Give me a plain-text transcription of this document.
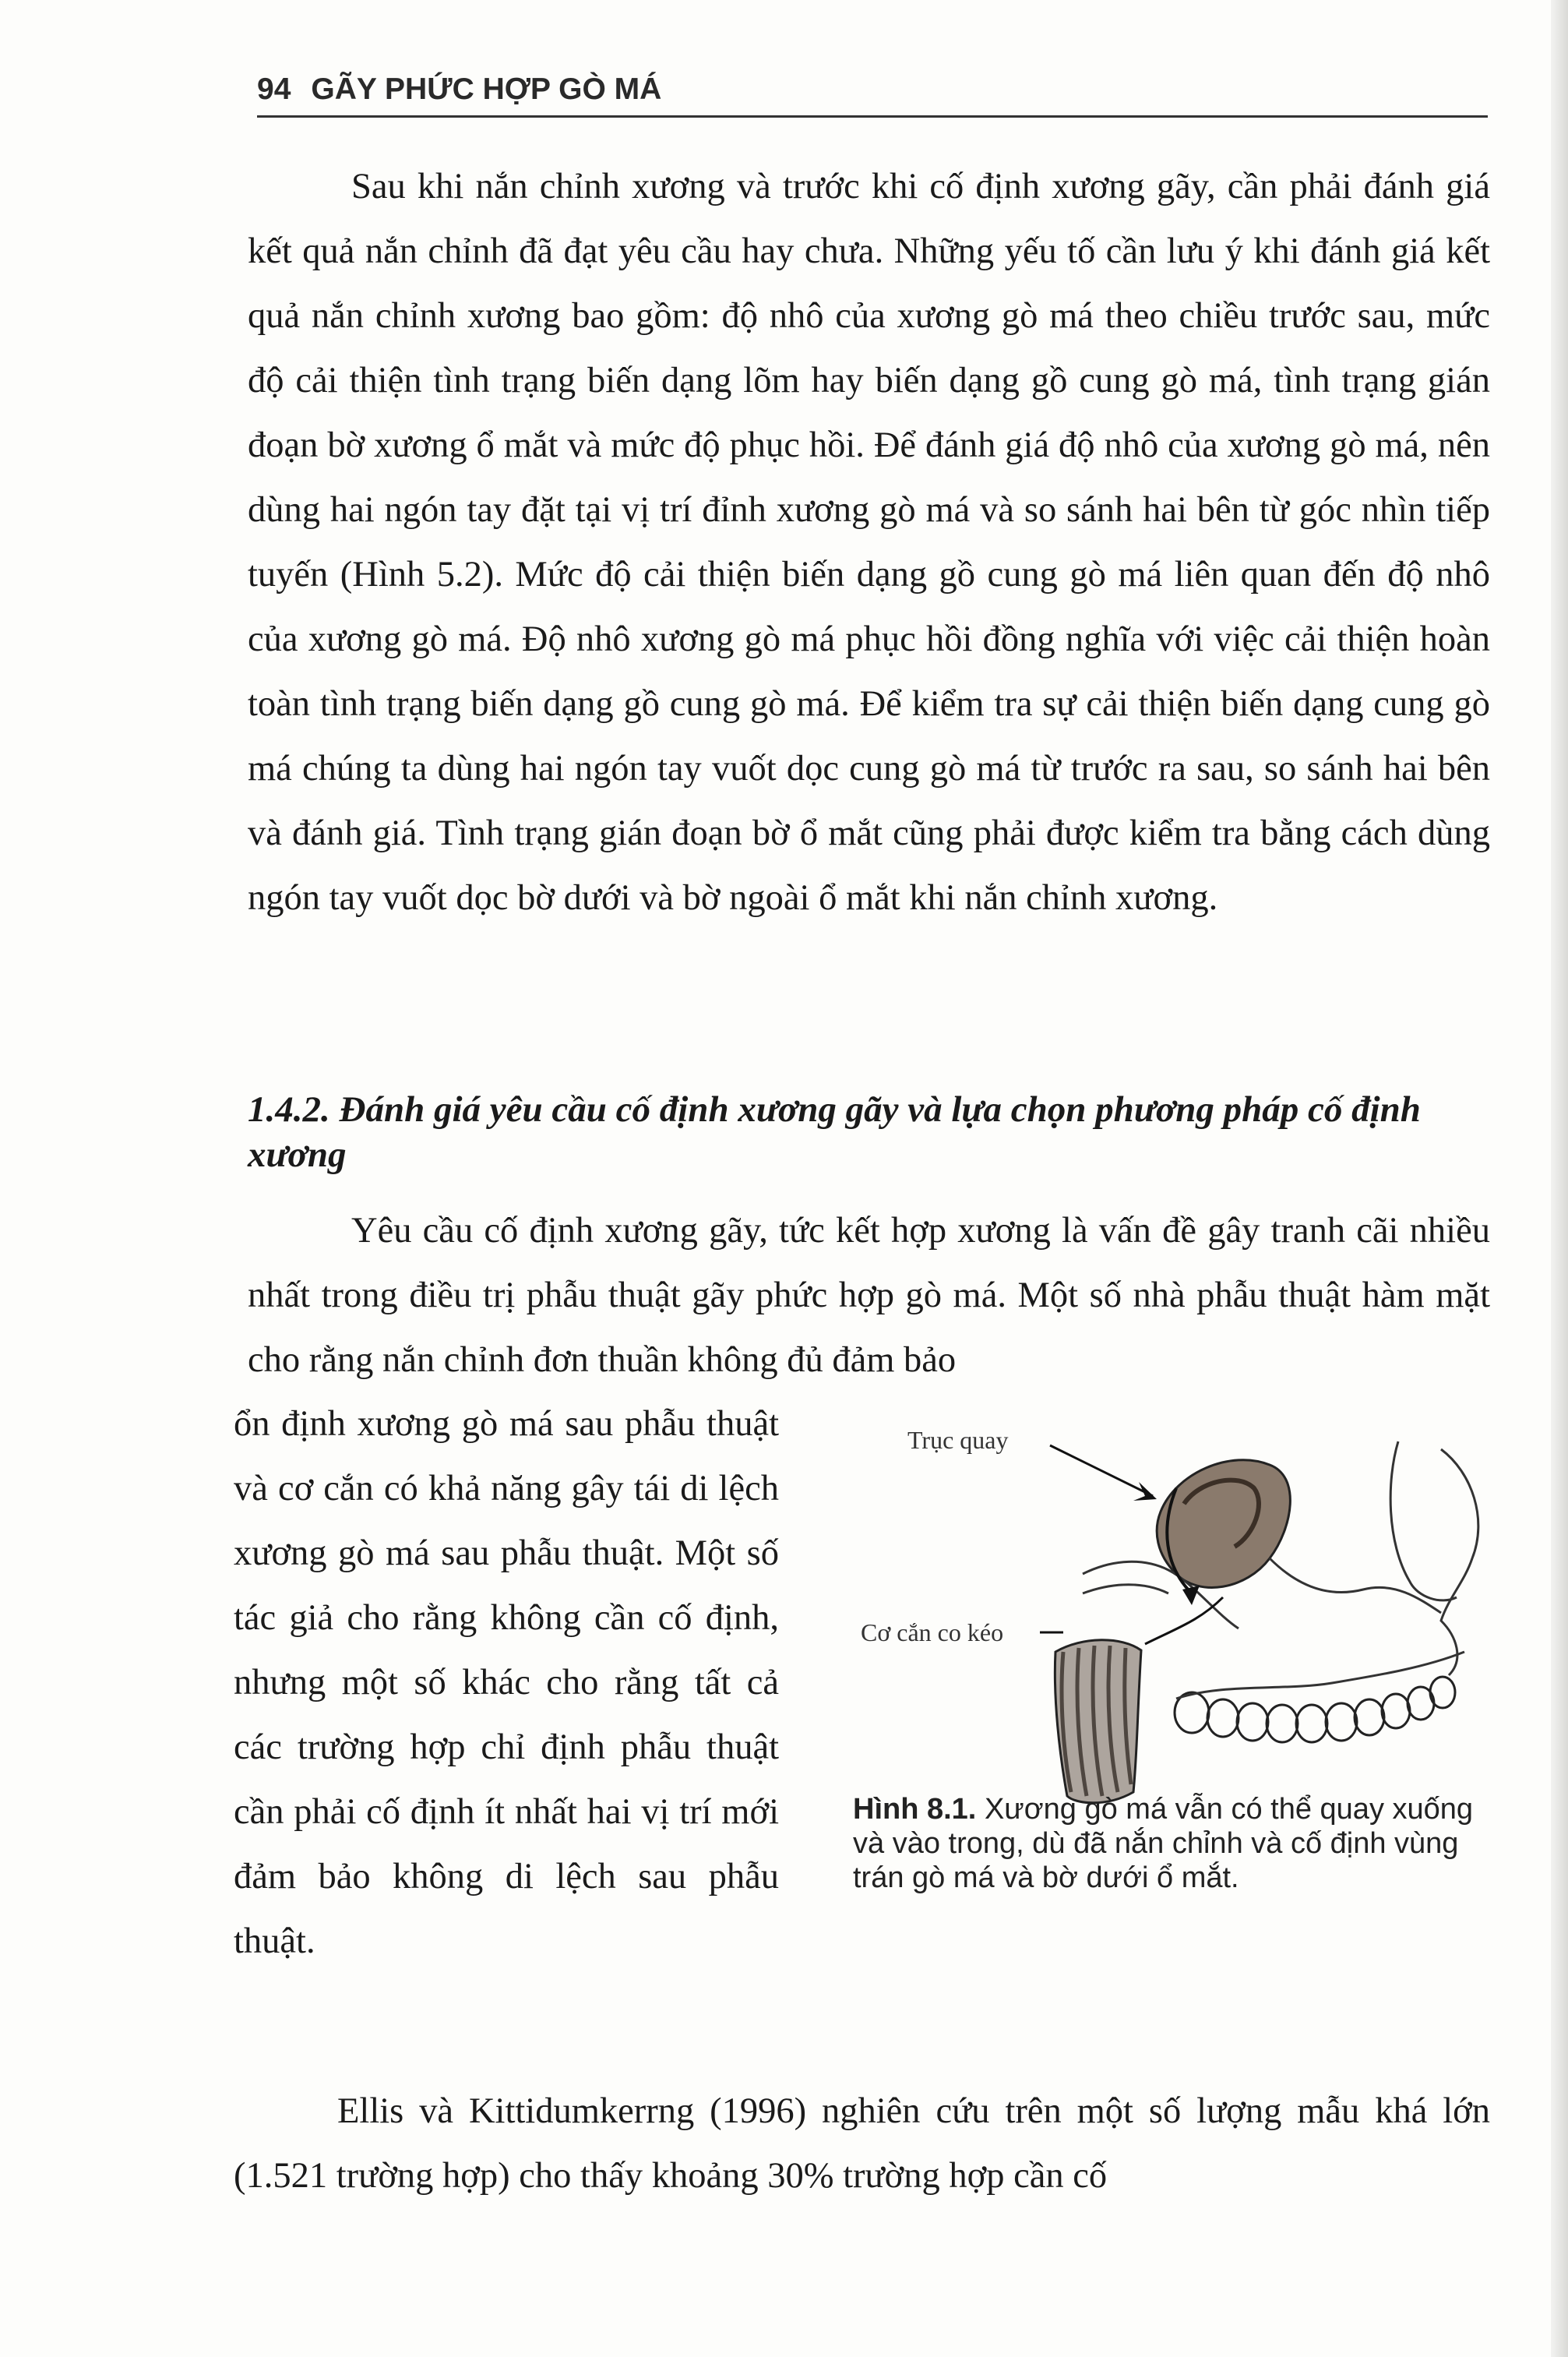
94 GÃY PHỨC HỢP GÒ MÁ

Sau khi nắn chỉnh xương và trước khi cố định xương gãy, cần phải đánh giá kết quả nắn chỉnh đã đạt yêu cầu hay chưa. Những yếu tố cần lưu ý khi đánh giá kết quả nắn chỉnh xương bao gồm: độ nhô của xương gò má theo chiều trước sau, mức độ cải thiện tình trạng biến dạng lõm hay biến dạng gồ cung gò má, tình trạng gián đoạn bờ xương ổ mắt và mức độ phục hồi. Để đánh giá độ nhô của xương gò má, nên dùng hai ngón tay đặt tại vị trí đỉnh xương gò má và so sánh hai bên từ góc nhìn tiếp tuyến (Hình 5.2). Mức độ cải thiện biến dạng gồ cung gò má liên quan đến độ nhô của xương gò má. Độ nhô xương gò má phục hồi đồng nghĩa với việc cải thiện hoàn toàn tình trạng biến dạng gồ cung gò má. Để kiểm tra sự cải thiện biến dạng cung gò má chúng ta dùng hai ngón tay vuốt dọc cung gò má từ trước ra sau, so sánh hai bên và đánh giá. Tình trạng gián đoạn bờ ổ mắt cũng phải được kiểm tra bằng cách dùng ngón tay vuốt dọc bờ dưới và bờ ngoài ổ mắt khi nắn chỉnh xương.

1.4.2. Đánh giá yêu cầu cố định xương gãy và lựa chọn phương pháp cố định xương

Yêu cầu cố định xương gãy, tức kết hợp xương là vấn đề gây tranh cãi nhiều nhất trong điều trị phẫu thuật gãy phức hợp gò má. Một số nhà phẫu thuật hàm mặt cho rằng nắn chỉnh đơn thuần không đủ đảm bảo

ổn định xương gò má sau phẫu thuật và cơ cắn có khả năng gây tái di lệch xương gò má sau phẫu thuật. Một số tác giả cho rằng không cần cố định, nhưng một số khác cho rằng tất cả các trường hợp chỉ định phẫu thuật cần phải cố định ít nhất hai vị trí mới đảm bảo không di lệch sau phẫu thuật.

Trục quay
Cơ cắn co kéo

Hình 8.1. Xương gò má vẫn có thể quay xuống và vào trong, dù đã nắn chỉnh và cố định vùng trán gò má và bờ dưới ổ mắt.

Ellis và Kittidumkerrng (1996) nghiên cứu trên một số lượng mẫu khá lớn (1.521 trường hợp) cho thấy khoảng 30% trường hợp cần cố
